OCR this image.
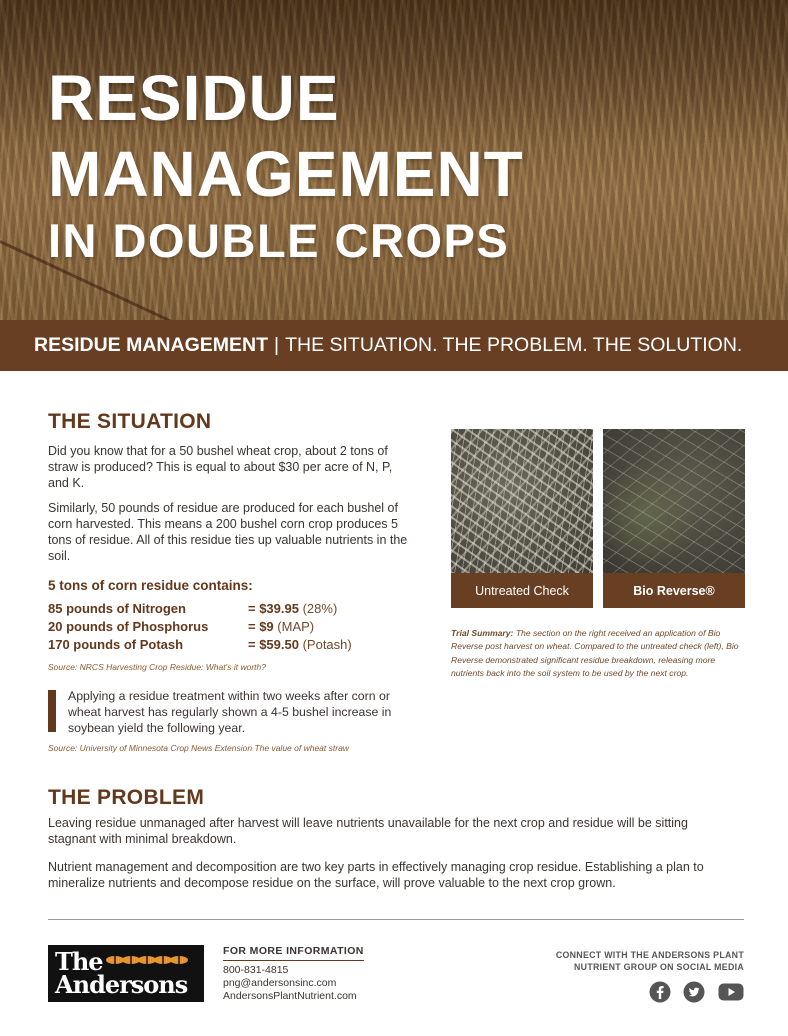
RESIDUE
MANAGEMENT
IN DOUBLE CROPS
RESIDUE MANAGEMENT | THE SITUATION. THE PROBLEM. THE SOLUTION.
THE SITUATION
Did you know that for a 50 bushel wheat crop, about 2 tons of straw is produced? This is equal to about $30 per acre of N, P, and K.
Similarly, 50 pounds of residue are produced for each bushel of corn harvested. This means a 200 bushel corn crop produces 5 tons of residue. All of this residue ties up valuable nutrients in the soil.
5 tons of corn residue contains:
85 pounds of Nitrogen	= $39.95 (28%)
20 pounds of Phosphorus	= $9 (MAP)
170 pounds of Potash	= $59.50 (Potash)
Source: NRCS Harvesting Crop Residue: What's it worth?
Applying a residue treatment within two weeks after corn or wheat harvest has regularly shown a 4-5 bushel increase in soybean yield the following year.
Source: University of Minnesota Crop News Extension The value of wheat straw
Untreated Check	Bio Reverse®
Trial Summary: The section on the right received an application of Bio Reverse post harvest on wheat. Compared to the untreated check (left), Bio Reverse demonstrated significant residue breakdown, releasing more nutrients back into the soil system to be used by the next crop.
THE PROBLEM
Leaving residue unmanaged after harvest will leave nutrients unavailable for the next crop and residue will be sitting stagnant with minimal breakdown.
Nutrient management and decomposition are two key parts in effectively managing crop residue. Establishing a plan to mineralize nutrients and decompose residue on the surface, will prove valuable to the next crop grown.
The
Andersons
FOR MORE INFORMATION
800-831-4815
png@andersonsinc.com
AndersonsPlantNutrient.com
CONNECT WITH THE ANDERSONS PLANT
NUTRIENT GROUP ON SOCIAL MEDIA
